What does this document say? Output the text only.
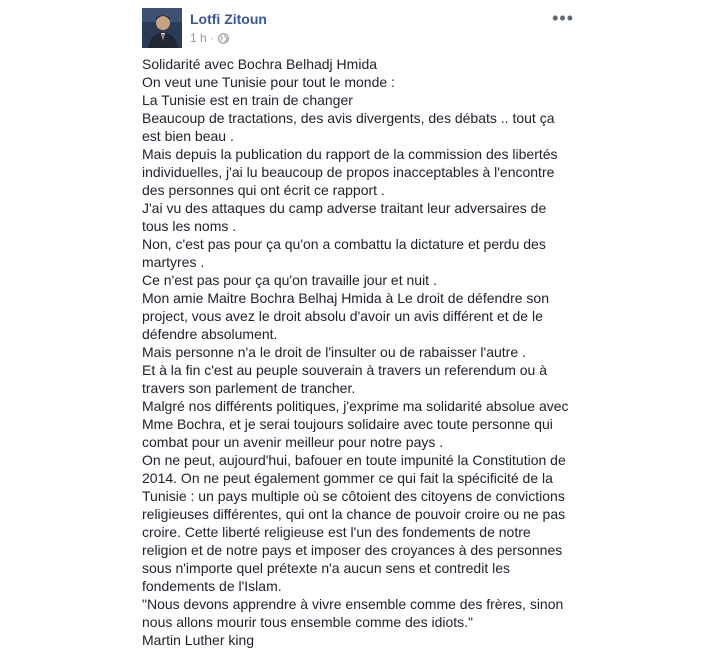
Lotfi Zitoun
1 h ·
•••

Solidarité avec Bochra Belhadj Hmida

On veut une Tunisie pour tout le monde :

La Tunisie est en train de changer

Beaucoup de tractations, des avis divergents, des débats .. tout ça est bien beau .

Mais depuis la publication du rapport de la commission des libertés individuelles, j'ai lu beaucoup de propos inacceptables à l'encontre des personnes qui ont écrit ce rapport .

J'ai vu des attaques du camp adverse traitant leur adversaires de tous les noms .

Non, c'est pas pour ça qu'on a combattu la dictature et perdu des martyres .

Ce n'est pas pour ça qu'on travaille jour et nuit .

Mon amie Maitre Bochra Belhaj Hmida à Le droit de défendre son project, vous avez le droit absolu d'avoir un avis différent et de le défendre absolument.

Mais personne n'a le droit de l'insulter ou de rabaisser l'autre .

Et à la fin c'est au peuple souverain à travers un referendum ou à travers son parlement de trancher.

Malgré nos différents politiques, j'exprime ma solidarité absolue avec Mme Bochra, et je serai toujours solidaire avec toute personne qui combat pour un avenir meilleur pour notre pays .

On ne peut, aujourd'hui, bafouer en toute impunité la Constitution de 2014. On ne peut également gommer ce qui fait la spécificité de la Tunisie : un pays multiple où se côtoient des citoyens de convictions religieuses différentes, qui ont la chance de pouvoir croire ou ne pas croire. Cette liberté religieuse est l'un des fondements de notre religion et de notre pays et imposer des croyances à des personnes sous n'importe quel prétexte n'a aucun sens et contredit les fondements de l'Islam.

"Nous devons apprendre à vivre ensemble comme des frères, sinon nous allons mourir tous ensemble comme des idiots."

Martin Luther king
